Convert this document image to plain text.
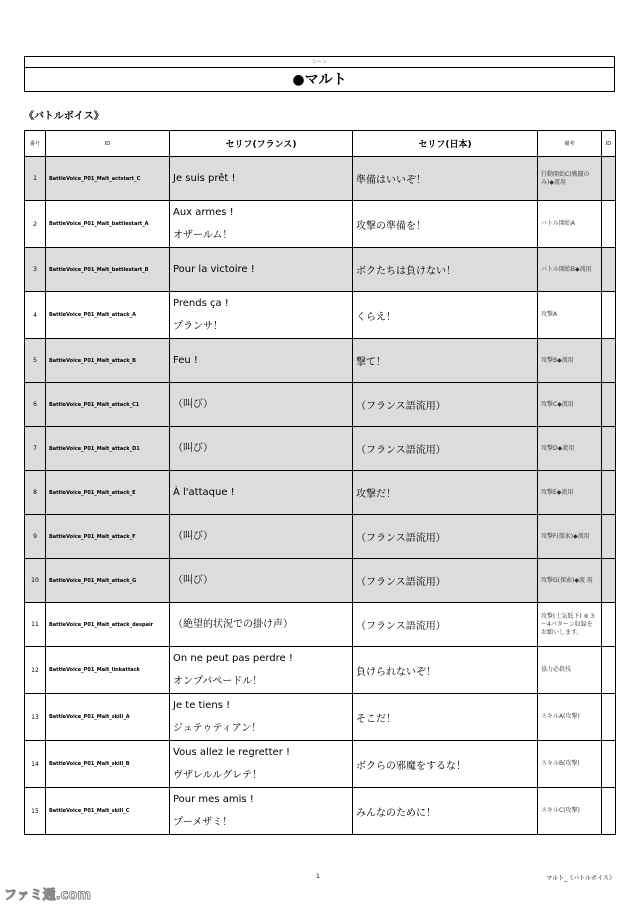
シーン
●マルト
《バトルボイス》
番号	ID	セリフ(フランス)	セリフ(日本)	備考	ID
1	BattleVoice_P01_Malt_actstart_C	Je suis prêt !	準備はいいぞ！	行動開始C(戦闘の み)◆流用	
2	BattleVoice_P01_Malt_battlestart_A	Aux armes !
オザールム！	攻撃の準備を！	バトル開始A	
3	BattleVoice_P01_Malt_battlestart_B	Pour la victoire !	ボクたちは負けない！	バトル開始B◆流用	
4	BattleVoice_P01_Malt_attack_A	Prends ça !
プランサ！	くらえ！	攻撃A	
5	BattleVoice_P01_Malt_attack_B	Feu !	撃て！	攻撃B◆流用	
6	BattleVoice_P01_Malt_attack_C1	（叫び）	（フランス語流用）	攻撃C◆流用	
7	BattleVoice_P01_Malt_attack_D1	（叫び）	（フランス語流用）	攻撃D◆流用	
8	BattleVoice_P01_Malt_attack_E	À l'attaque !	攻撃だ！	攻撃E◆流用	
9	BattleVoice_P01_Malt_attack_F	（叫び）	（フランス語流用）	攻撃F(探索)◆流用	
10	BattleVoice_P01_Malt_attack_G	（叫び）	（フランス語流用）	攻撃G(探索)◆流 用	
11	BattleVoice_P01_Malt_attack_despair	（絶望的状況での掛け声）	（フランス語流用）	攻撃(士気低下) ※ 3～4パターン収録を お願いします。	
12	BattleVoice_P01_Malt_linkattack	On ne peut pas perdre !
オンプパペードル！	負けられないぞ！	協力必殺技	
13	BattleVoice_P01_Malt_skill_A	Je te tiens !
ジュテゥティアン！	そこだ！	スキルA(攻撃)	
14	BattleVoice_P01_Malt_skill_B	Vous allez le regretter !
ヴザレルルグレテ！	ボクらの邪魔をするな！	スキルB(攻撃)	
15	BattleVoice_P01_Malt_skill_C	Pour mes amis !
プーメザミ！	みんなのために！	スキルC(攻撃)	
1	マルト_《バトルボイス》
ファミ通.com
